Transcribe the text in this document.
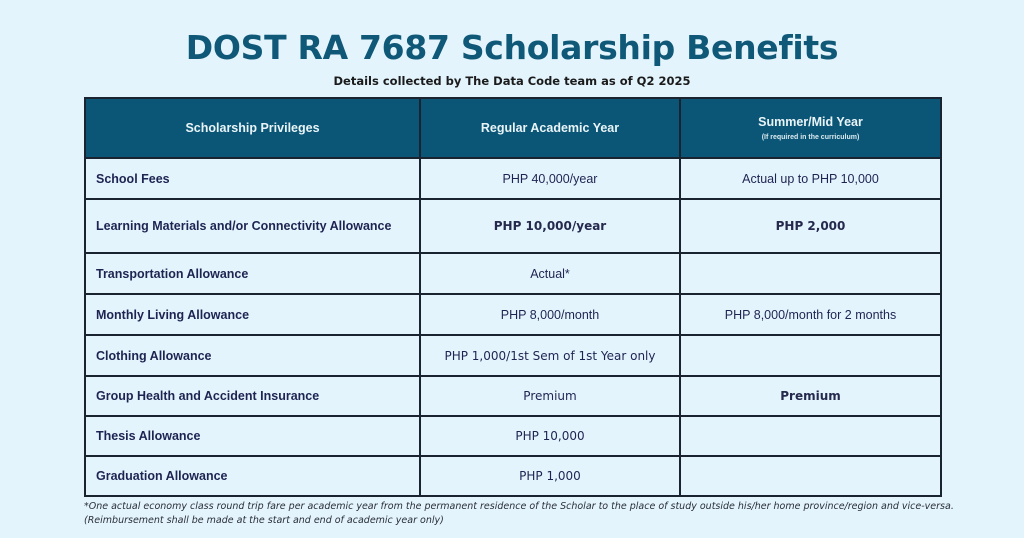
DOST RA 7687 Scholarship Benefits
Details collected by The Data Code team as of Q2 2025
Scholarship Privileges	Regular Academic Year	Summer/Mid Year
(If required in the curriculum)

School Fees	PHP 40,000/year	Actual up to PHP 10,000
Learning Materials and/or Connectivity Allowance	PHP 10,000/year	PHP 2,000
Transportation Allowance	Actual*	
Monthly Living Allowance	PHP 8,000/month	PHP 8,000/month for 2 months
Clothing Allowance	PHP 1,000/1st Sem of 1st Year only	
Group Health and Accident Insurance	Premium	Premium
Thesis Allowance	PHP 10,000	
Graduation Allowance	PHP 1,000	

*One actual economy class round trip fare per academic year from the permanent residence of the Scholar to the place of study outside his/her home province/region and vice-versa. (Reimbursement shall be made at the start and end of academic year only)
